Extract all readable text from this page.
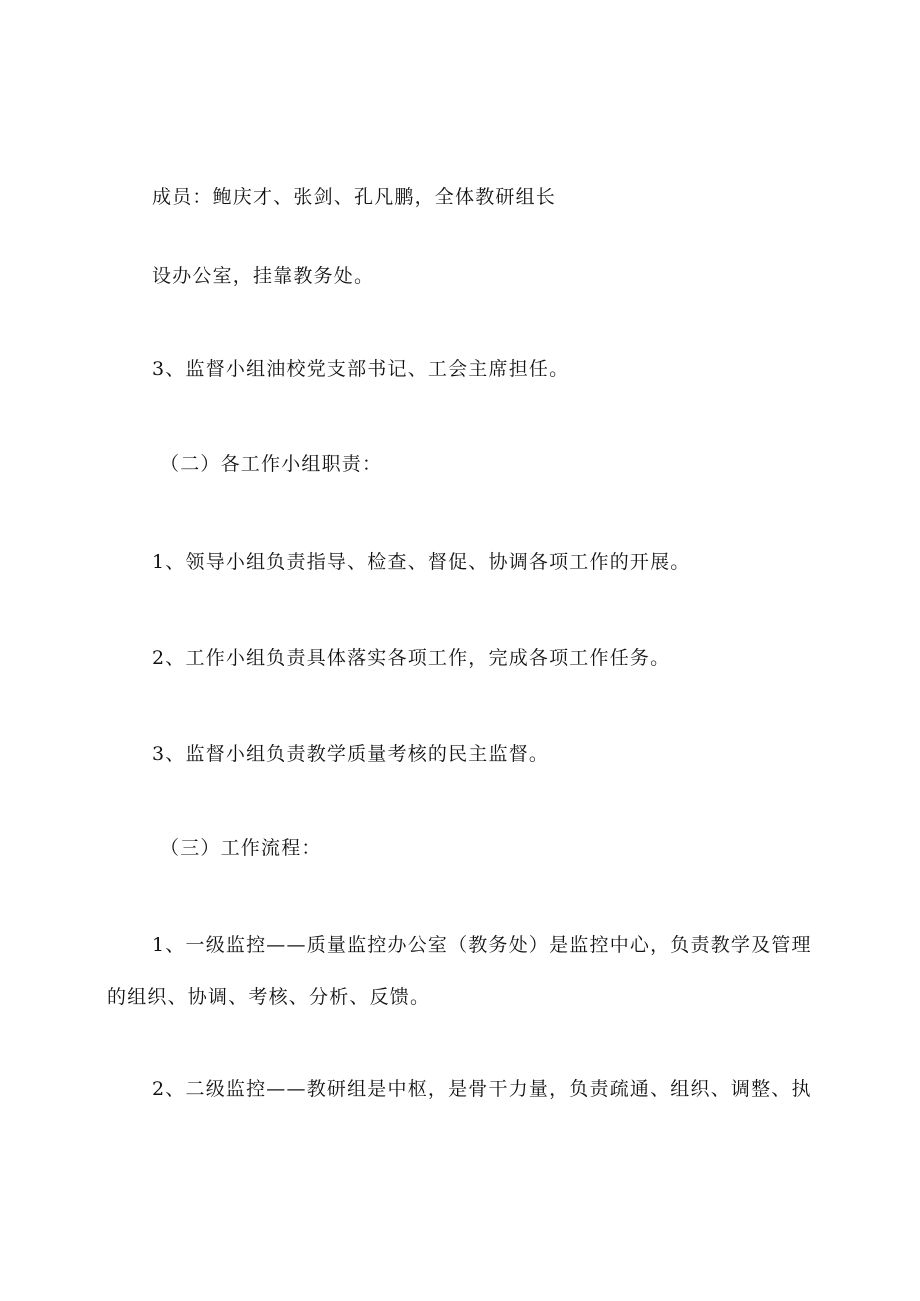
成员：鲍庆才、张剑、孔凡鹏，全体教研组长
设办公室，挂靠教务处。
3、监督小组油校党支部书记、工会主席担任。
（二）各工作小组职责：
1、领导小组负责指导、检查、督促、协调各项工作的开展。
2、工作小组负责具体落实各项工作，完成各项工作任务。
3、监督小组负责教学质量考核的民主监督。
（三）工作流程：
1、一级监控——质量监控办公室（教务处）是监控中心，负责教学及管理
的组织、协调、考核、分析、反馈。
2、二级监控——教研组是中枢，是骨干力量，负责疏通、组织、调整、执
